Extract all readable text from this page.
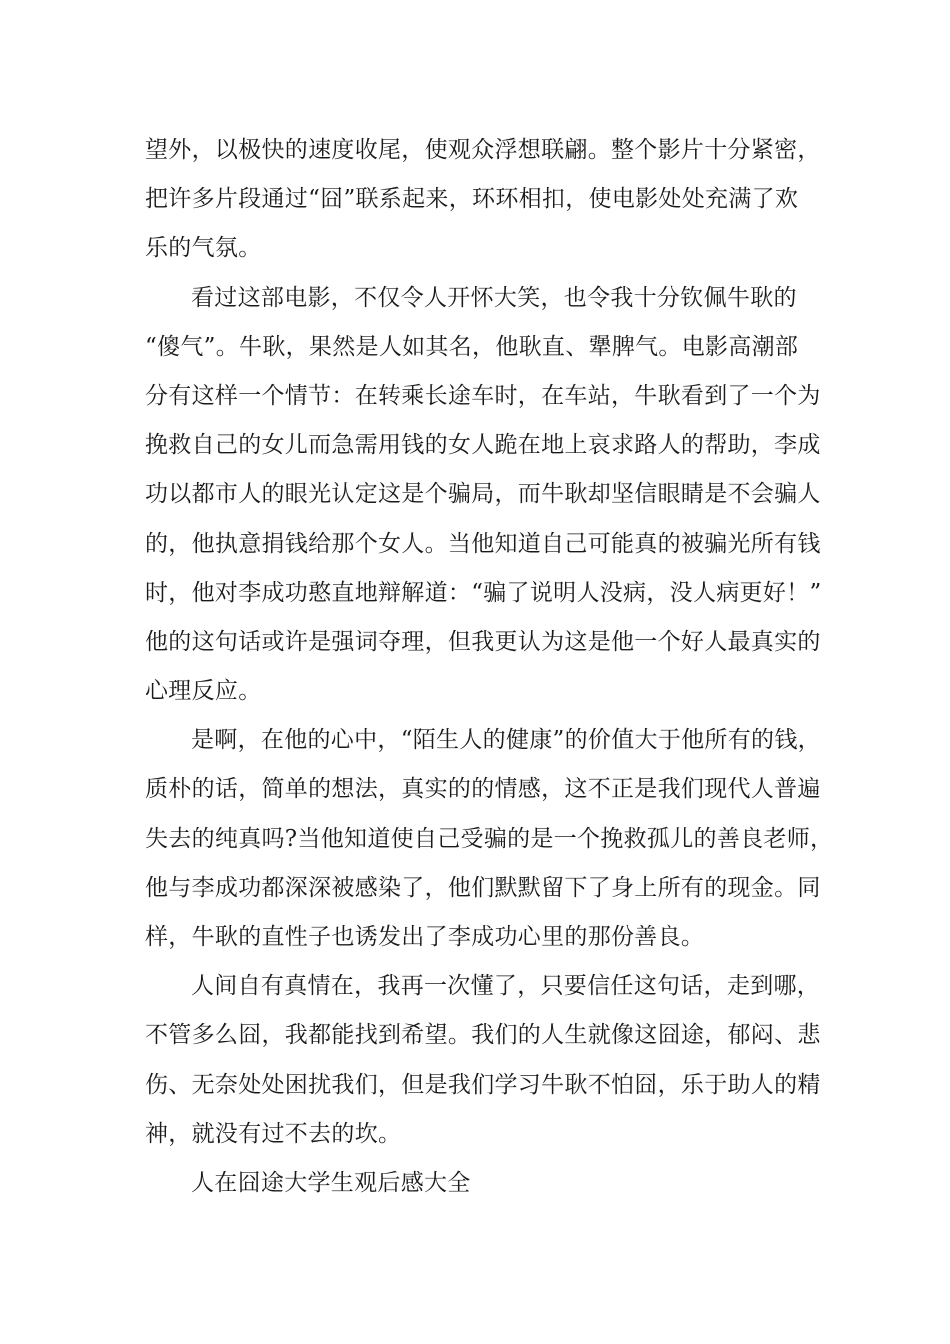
望外，以极快的速度收尾，使观众浮想联翩。整个影片十分紧密，
把许多片段通过“囧”联系起来，环环相扣，使电影处处充满了欢
乐的气氛。
看过这部电影，不仅令人开怀大笑，也令我十分钦佩牛耿的
“傻气”。牛耿，果然是人如其名，他耿直、犟脾气。电影高潮部
分有这样一个情节：在转乘长途车时，在车站，牛耿看到了一个为
挽救自己的女儿而急需用钱的女人跪在地上哀求路人的帮助，李成
功以都市人的眼光认定这是个骗局，而牛耿却坚信眼睛是不会骗人
的，他执意捐钱给那个女人。当他知道自己可能真的被骗光所有钱
时，他对李成功憨直地辩解道：“骗了说明人没病，没人病更好！”
他的这句话或许是强词夺理，但我更认为这是他一个好人最真实的
心理反应。
是啊，在他的心中，“陌生人的健康”的价值大于他所有的钱，
质朴的话，简单的想法，真实的的情感，这不正是我们现代人普遍
失去的纯真吗?当他知道使自己受骗的是一个挽救孤儿的善良老师，
他与李成功都深深被感染了，他们默默留下了身上所有的现金。同
样，牛耿的直性子也诱发出了李成功心里的那份善良。
人间自有真情在，我再一次懂了，只要信任这句话，走到哪，
不管多么囧，我都能找到希望。我们的人生就像这囧途，郁闷、悲
伤、无奈处处困扰我们，但是我们学习牛耿不怕囧，乐于助人的精
神，就没有过不去的坎。
人在囧途大学生观后感大全
